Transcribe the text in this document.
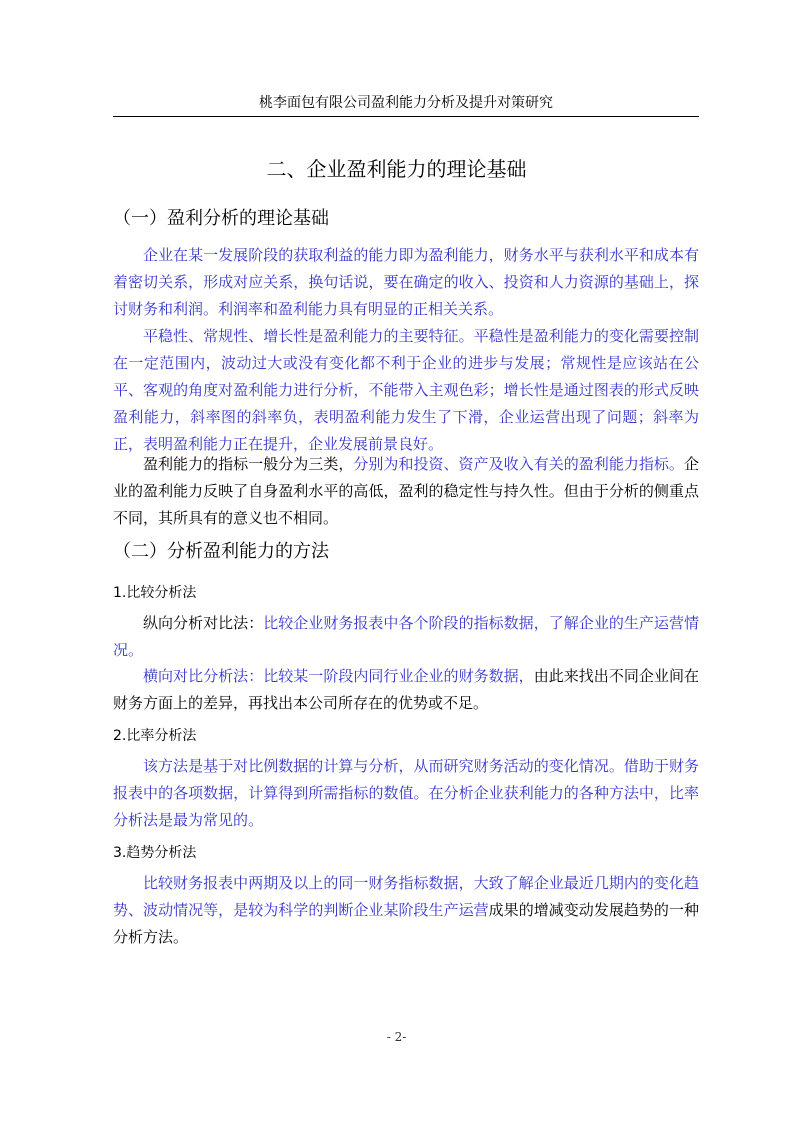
桃李面包有限公司盈利能力分析及提升对策研究
二、企业盈利能力的理论基础
（一）盈利分析的理论基础

企业在某一发展阶段的获取利益的能力即为盈利能力，财务水平与获利水平和成本有着密切关系，形成对应关系，换句话说，要在确定的收入、投资和人力资源的基础上，探讨财务和利润。利润率和盈利能力具有明显的正相关关系。

平稳性、常规性、增长性是盈利能力的主要特征。平稳性是盈利能力的变化需要控制在一定范围内，波动过大或没有变化都不利于企业的进步与发展；常规性是应该站在公平、客观的角度对盈利能力进行分析，不能带入主观色彩；增长性是通过图表的形式反映盈利能力，斜率图的斜率负，表明盈利能力发生了下滑，企业运营出现了问题；斜率为正，表明盈利能力正在提升，企业发展前景良好。

盈利能力的指标一般分为三类，分别为和投资、资产及收入有关的盈利能力指标。企业的盈利能力反映了自身盈利水平的高低，盈利的稳定性与持久性。但由于分析的侧重点不同，其所具有的意义也不相同。

（二）分析盈利能力的方法
1.比较分析法

纵向分析对比法：比较企业财务报表中各个阶段的指标数据，了解企业的生产运营情况。

横向对比分析法：比较某一阶段内同行业企业的财务数据，由此来找出不同企业间在财务方面上的差异，再找出本公司所存在的优势或不足。

2.比率分析法

该方法是基于对比例数据的计算与分析，从而研究财务活动的变化情况。借助于财务报表中的各项数据，计算得到所需指标的数值。在分析企业获利能力的各种方法中，比率分析法是最为常见的。

3.趋势分析法

比较财务报表中两期及以上的同一财务指标数据，大致了解企业最近几期内的变化趋势、波动情况等，是较为科学的判断企业某阶段生产运营成果的增减变动发展趋势的一种分析方法。

- 2-
